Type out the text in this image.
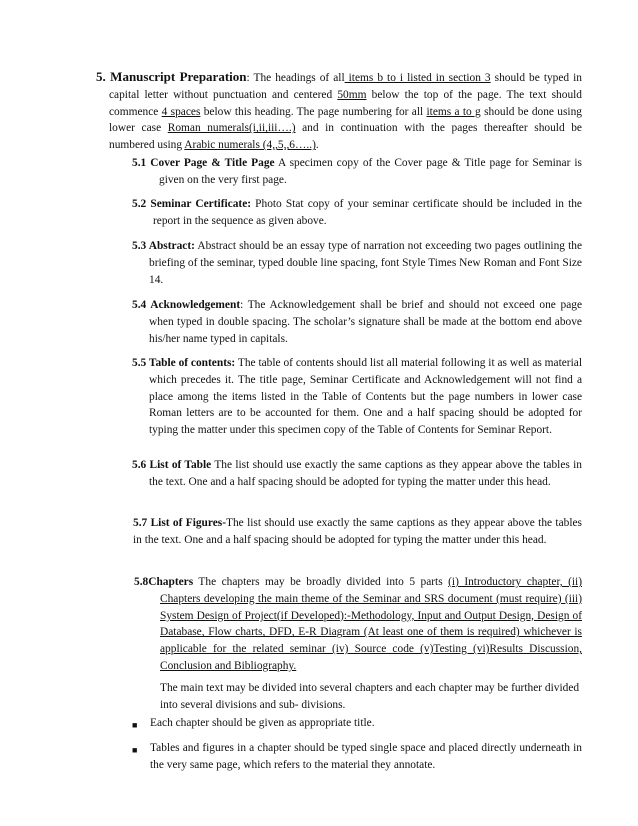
5. Manuscript Preparation: The headings of all items b to i listed in section 3 should be typed in capital letter without punctuation and centered 50mm below the top of the page. The text should commence 4 spaces below this heading. The page numbering for all items a to g should be done using lower case Roman numerals(i,ii,iii….) and in continuation with the pages thereafter should be numbered using Arabic numerals (4,,5,,6…..).
5.1 Cover Page & Title Page A specimen copy of the Cover page & Title page for Seminar is given on the very first page.
5.2 Seminar Certificate: Photo Stat copy of your seminar certificate should be included in the report in the sequence as given above.
5.3 Abstract: Abstract should be an essay type of narration not exceeding two pages outlining the briefing of the seminar, typed double line spacing, font Style Times New Roman and Font Size 14.
5.4 Acknowledgement: The Acknowledgement shall be brief and should not exceed one page when typed in double spacing. The scholar’s signature shall be made at the bottom end above his/her name typed in capitals.
5.5 Table of contents: The table of contents should list all material following it as well as material which precedes it. The title page, Seminar Certificate and Acknowledgement will not find a place among the items listed in the Table of Contents but the page numbers in lower case Roman letters are to be accounted for them. One and a half spacing should be adopted for typing the matter under this specimen copy of the Table of Contents for Seminar Report.
5.6 List of Table The list should use exactly the same captions as they appear above the tables in the text. One and a half spacing should be adopted for typing the matter under this head.
5.7 List of Figures-The list should use exactly the same captions as they appear above the tables in the text. One and a half spacing should be adopted for typing the matter under this head.
5.8Chapters The chapters may be broadly divided into 5 parts (i) Introductory chapter, (ii) Chapters developing the main theme of the Seminar and SRS document (must require) (iii) System Design of Project(if Developed):-Methodology, Input and Output Design, Design of Database, Flow charts, DFD, E-R Diagram (At least one of them is required) whichever is applicable for the related seminar (iv) Source code (v)Testing (vi)Results Discussion, Conclusion and Bibliography.
The main text may be divided into several chapters and each chapter may be further divided into several divisions and sub- divisions.
■ Each chapter should be given as appropriate title.
■ Tables and figures in a chapter should be typed single space and placed directly underneath in the very same page, which refers to the material they annotate.
